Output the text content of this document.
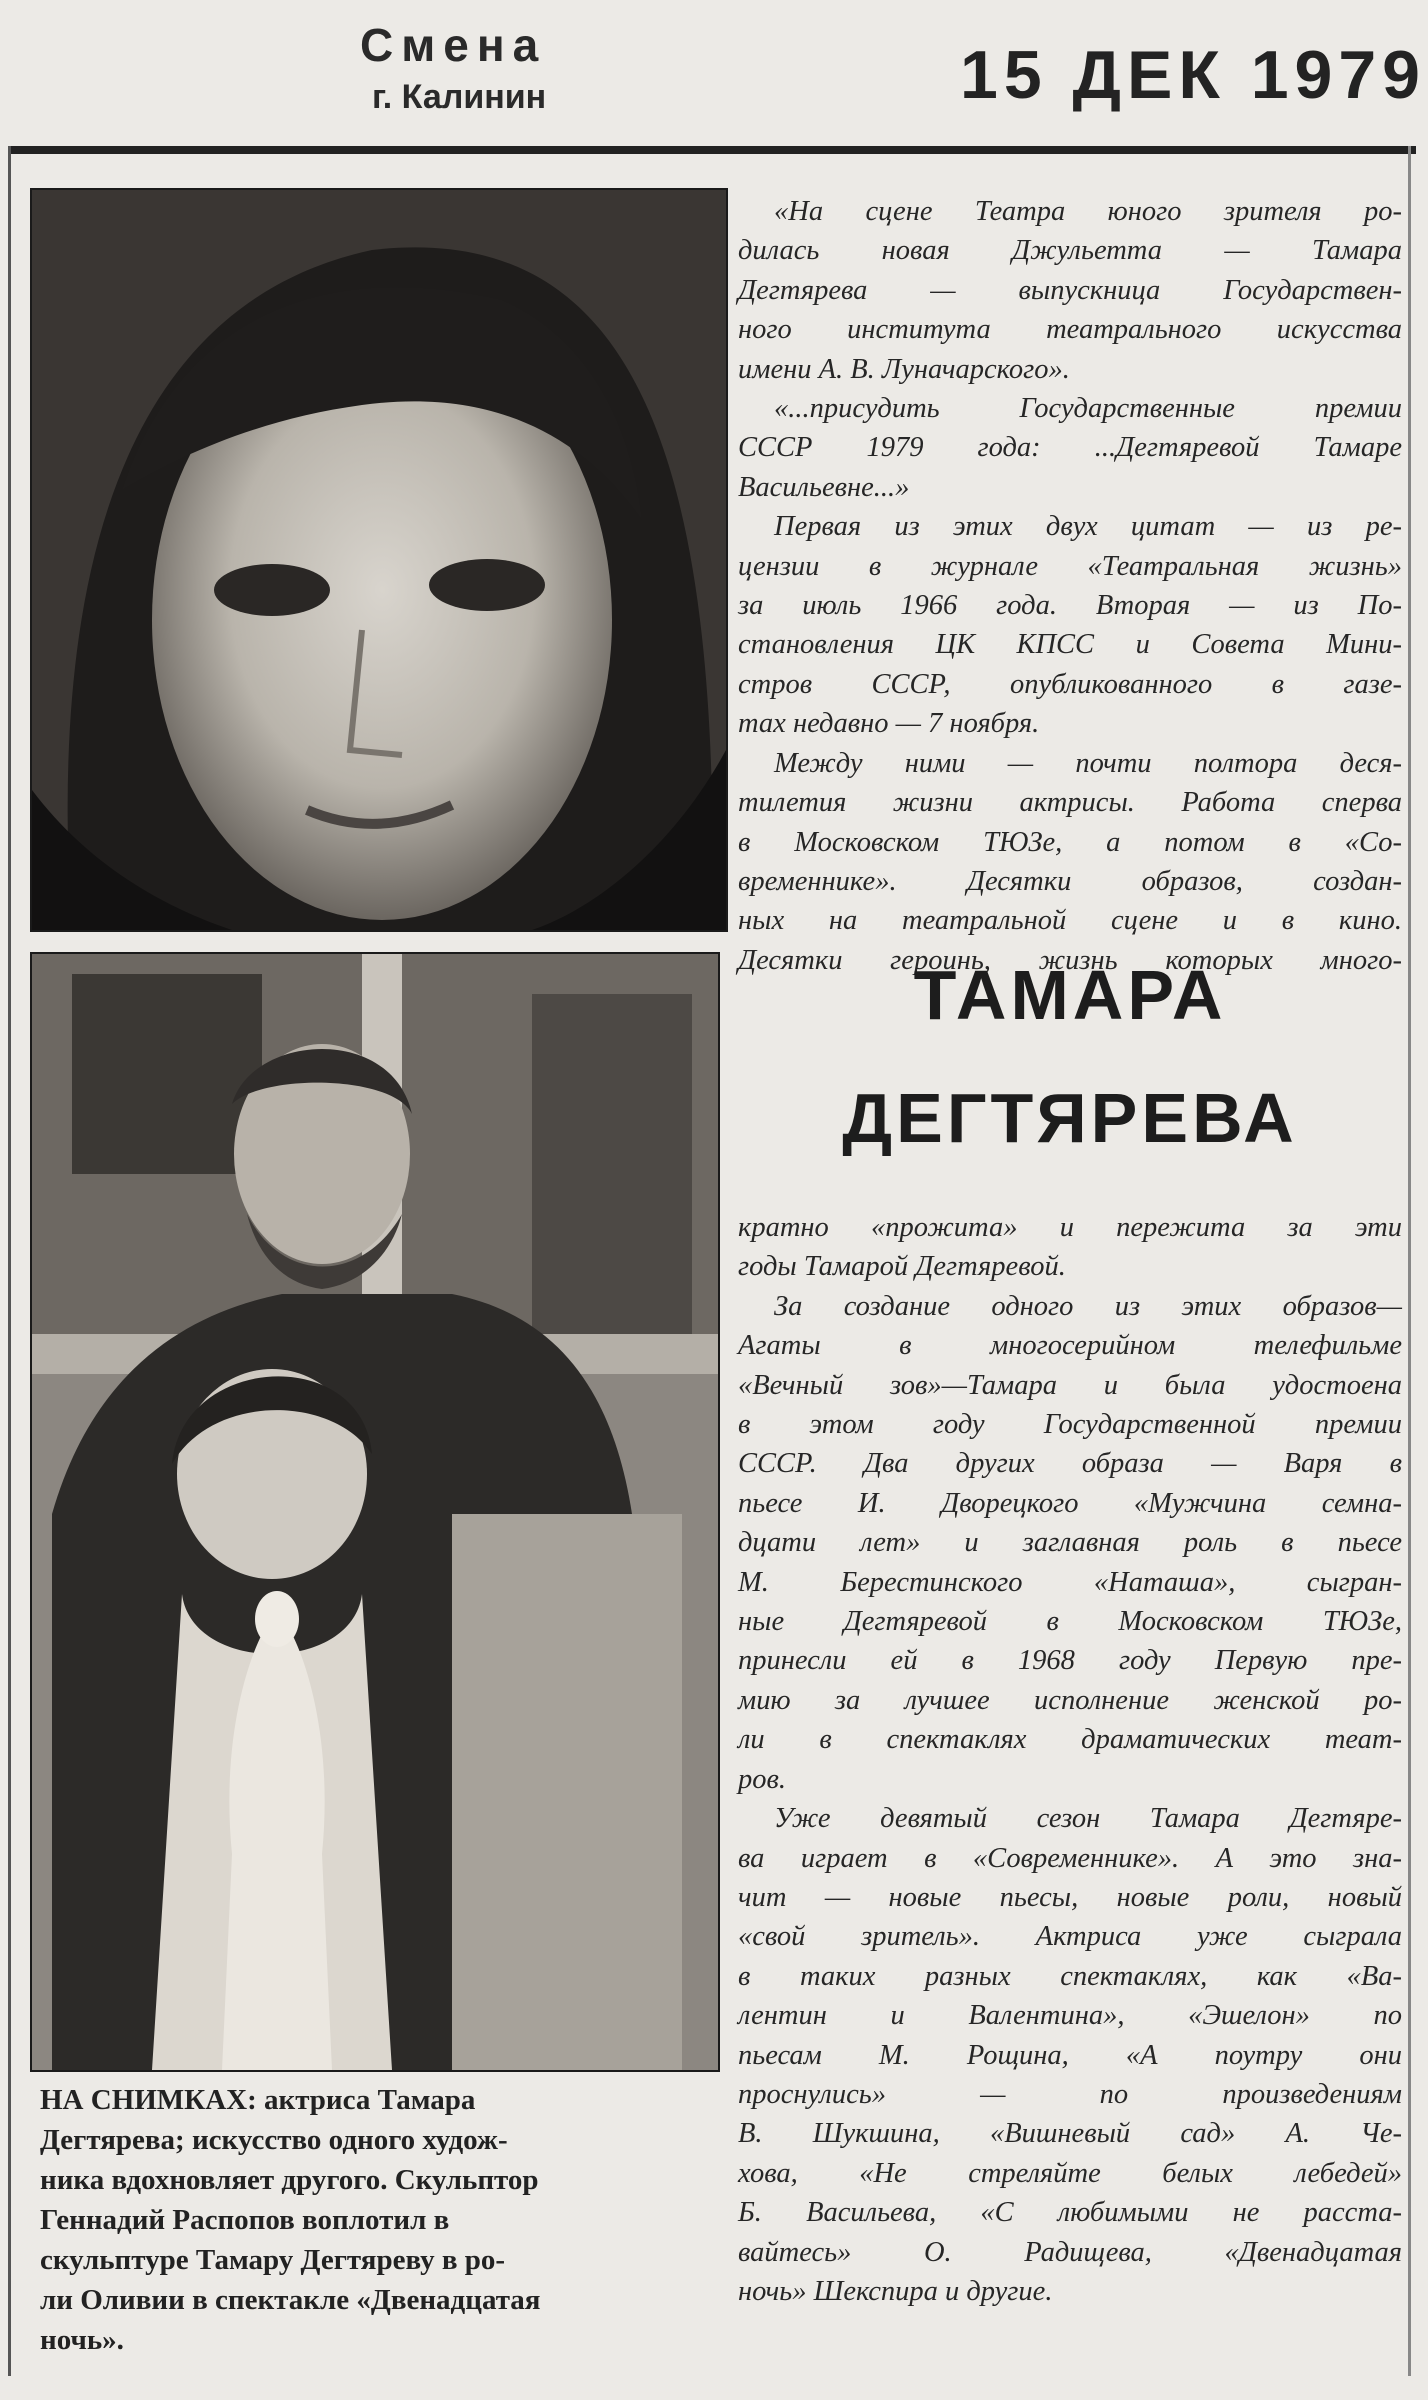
Смена
г. Калинин	15 ДЕК 1979
НА СНИМКАХ: актриса Тамара
Дегтярева; искусство одного худож-
ника вдохновляет другого. Скульптор
Геннадий Распопов воплотил в
скульптуре Тамару Дегтяреву в ро-
ли Оливии в спектакле «Двенадцатая
ночь».
«На сцене Театра юного зрителя ро-
дилась новая Джульетта — Тамара
Дегтярева — выпускница Государствен-
ного института театрального искусства
имени А. В. Луначарского».
«...присудить Государственные премии
СССР 1979 года: ...Дегтяревой Тамаре
Васильевне...»
Первая из этих двух цитат — из ре-
цензии в журнале «Театральная жизнь»
за июль 1966 года. Вторая — из По-
становления ЦК КПСС и Совета Мини-
стров СССР, опубликованного в газе-
тах недавно — 7 ноября.
Между ними — почти полтора деся-
тилетия жизни актрисы. Работа сперва
в Московском ТЮЗе, а потом в «Со-
временнике». Десятки образов, создан-
ных на театральной сцене и в кино.
Десятки героинь, жизнь которых много-
ТАМАРА
ДЕГТЯРЕВА
кратно «прожита» и пережита за эти
годы Тамарой Дегтяревой.
За создание одного из этих образов—
Агаты в многосерийном телефильме
«Вечный зов»—Тамара и была удостоена
в этом году Государственной премии
СССР. Два других образа — Варя в
пьесе И. Дворецкого «Мужчина семна-
дцати лет» и заглавная роль в пьесе
М. Берестинского «Наташа», сыгран-
ные Дегтяревой в Московском ТЮЗе,
принесли ей в 1968 году Первую пре-
мию за лучшее исполнение женской ро-
ли в спектаклях драматических теат-
ров.
Уже девятый сезон Тамара Дегтяре-
ва играет в «Современнике». А это зна-
чит — новые пьесы, новые роли, новый
«свой зритель». Актриса уже сыграла
в таких разных спектаклях, как «Ва-
лентин и Валентина», «Эшелон» по
пьесам М. Рощина, «А поутру они
проснулись» — по произведениям
В. Шукшина, «Вишневый сад» А. Че-
хова, «Не стреляйте белых лебедей»
Б. Васильева, «С любимыми не расста-
вайтесь» О. Радищева, «Двенадцатая
ночь» Шекспира и другие.
